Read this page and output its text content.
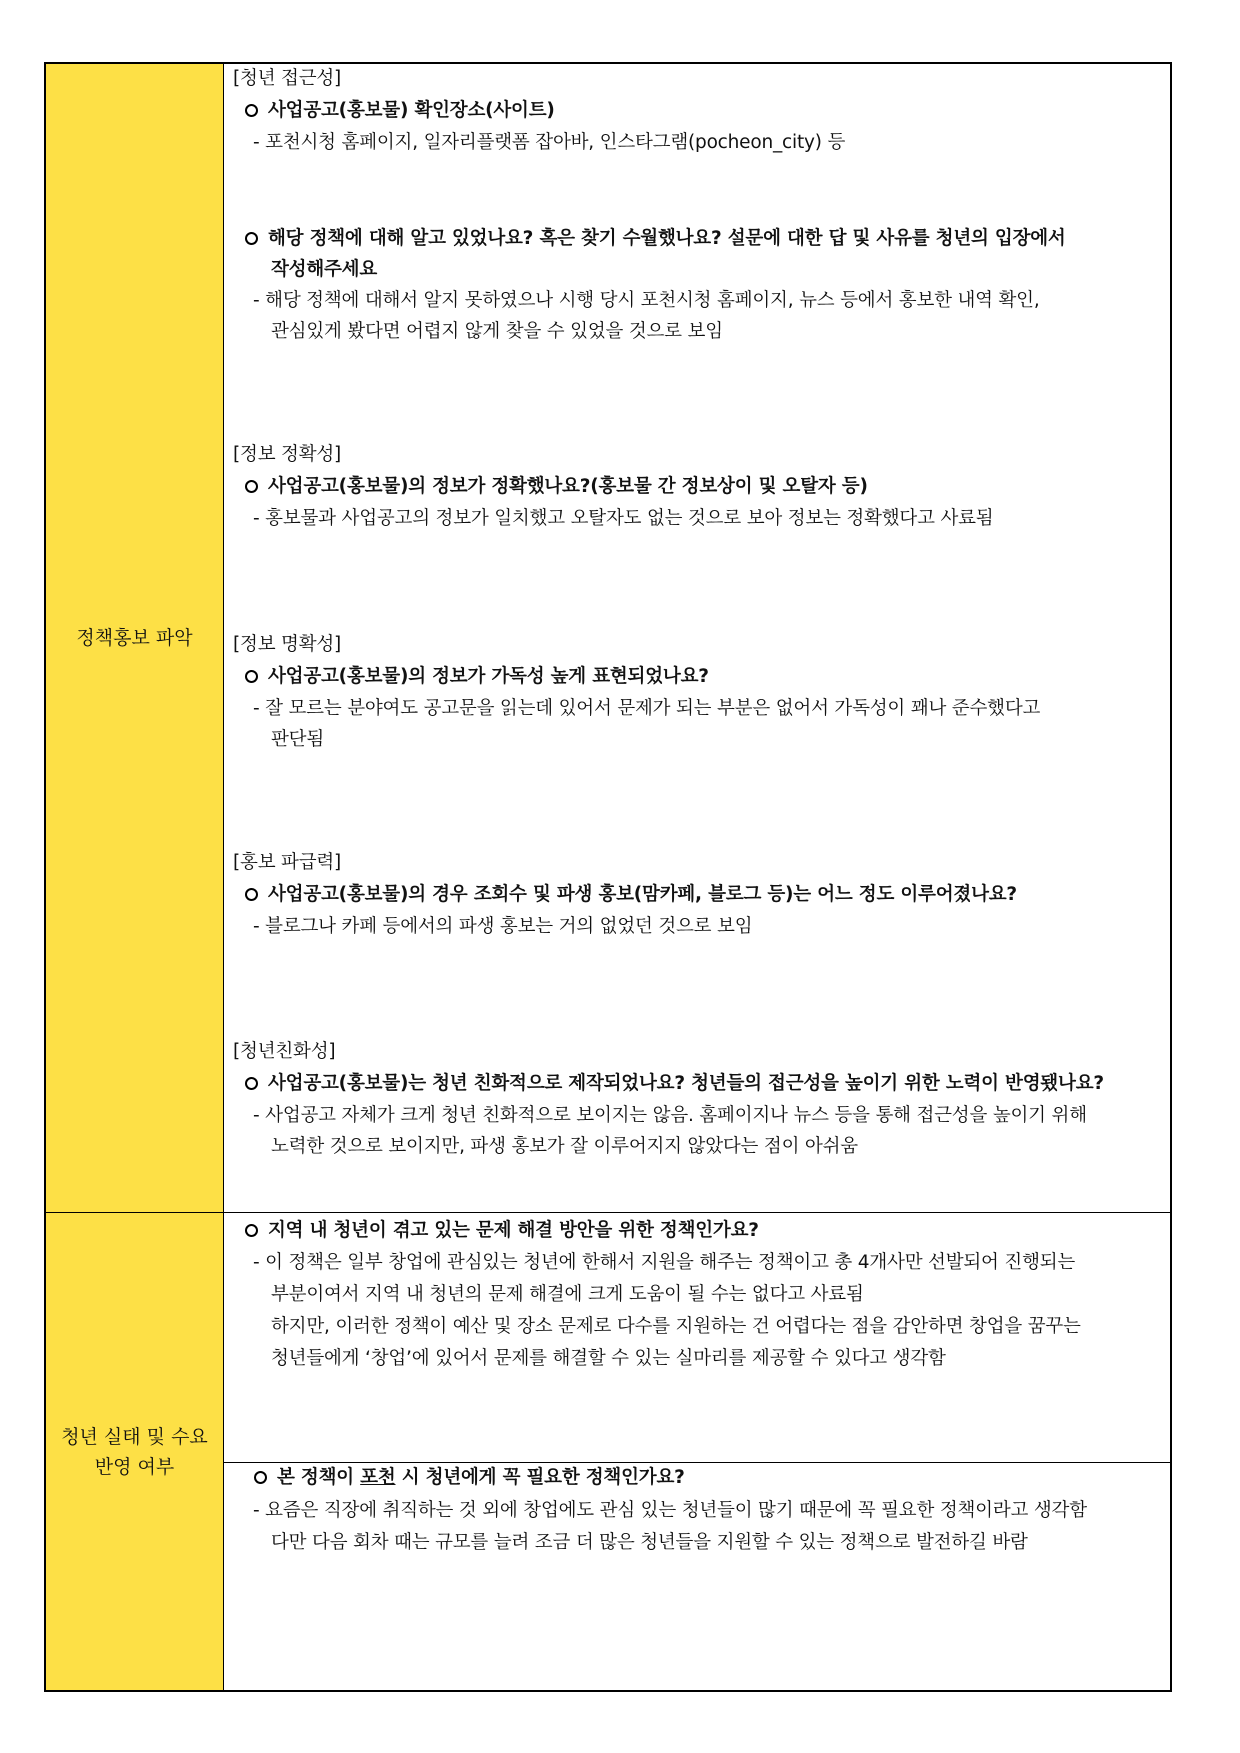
정책홍보 파악
청년 실태 및 수요
반영 여부
[청년 접근성]
사업공고(홍보물) 확인장소(사이트)
- 포천시청 홈페이지, 일자리플랫폼 잡아바, 인스타그램(pocheon_city) 등
해당 정책에 대해 알고 있었나요? 혹은 찾기 수월했나요? 설문에 대한 답 및 사유를 청년의 입장에서
작성해주세요
- 해당 정책에 대해서 알지 못하였으나 시행 당시 포천시청 홈페이지, 뉴스 등에서 홍보한 내역 확인,
관심있게 봤다면 어렵지 않게 찾을 수 있었을 것으로 보임
[정보 정확성]
사업공고(홍보물)의 정보가 정확했나요?(홍보물 간 정보상이 및 오탈자 등)
- 홍보물과 사업공고의 정보가 일치했고 오탈자도 없는 것으로 보아 정보는 정확했다고 사료됨
[정보 명확성]
사업공고(홍보물)의 정보가 가독성 높게 표현되었나요?
- 잘 모르는 분야여도 공고문을 읽는데 있어서 문제가 되는 부분은 없어서 가독성이 꽤나 준수했다고
판단됨
[홍보 파급력]
사업공고(홍보물)의 경우 조회수 및 파생 홍보(맘카페, 블로그 등)는 어느 정도 이루어졌나요?
- 블로그나 카페 등에서의 파생 홍보는 거의 없었던 것으로 보임
[청년친화성]
사업공고(홍보물)는 청년 친화적으로 제작되었나요? 청년들의 접근성을 높이기 위한 노력이 반영됐나요?
- 사업공고 자체가 크게 청년 친화적으로 보이지는 않음. 홈페이지나 뉴스 등을 통해 접근성을 높이기 위해
노력한 것으로 보이지만, 파생 홍보가 잘 이루어지지 않았다는 점이 아쉬움
지역 내 청년이 겪고 있는 문제 해결 방안을 위한 정책인가요?
- 이 정책은 일부 창업에 관심있는 청년에 한해서 지원을 해주는 정책이고 총 4개사만 선발되어 진행되는
부분이여서 지역 내 청년의 문제 해결에 크게 도움이 될 수는 없다고 사료됨
하지만, 이러한 정책이 예산 및 장소 문제로 다수를 지원하는 건 어렵다는 점을 감안하면 창업을 꿈꾸는
청년들에게 ‘창업’에 있어서 문제를 해결할 수 있는 실마리를 제공할 수 있다고 생각함
본 정책이 포천 시 청년에게 꼭 필요한 정책인가요?
- 요즘은 직장에 취직하는 것 외에 창업에도 관심 있는 청년들이 많기 때문에 꼭 필요한 정책이라고 생각함
다만 다음 회차 때는 규모를 늘려 조금 더 많은 청년들을 지원할 수 있는 정책으로 발전하길 바람
